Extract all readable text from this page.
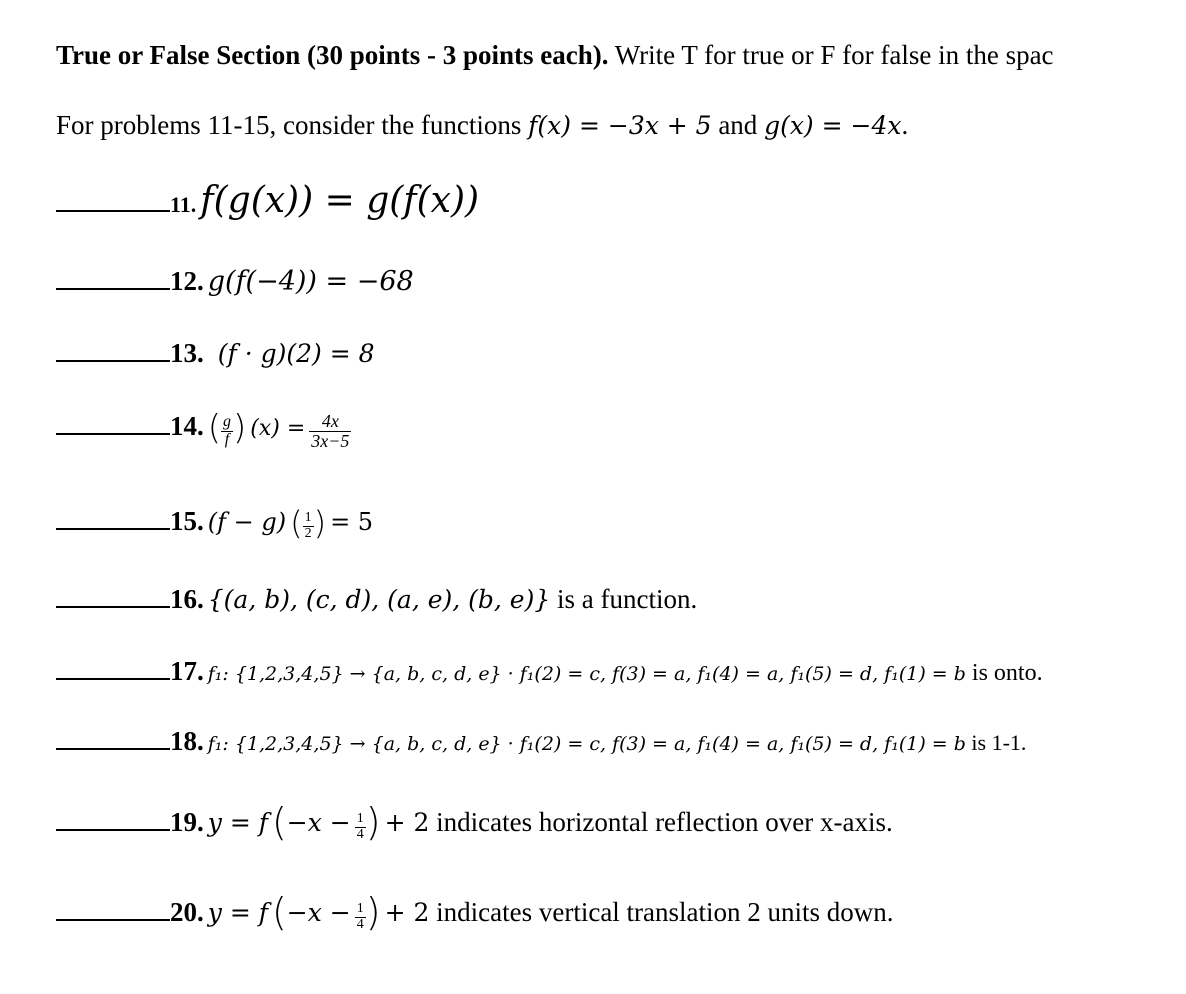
True or False Section (30 points - 3 points each). Write T for true or F for false in the spac
For problems 11-15, consider the functions f(x) = −3x + 5 and g(x) = −4x.
11. f(g(x)) = g(f(x))
12. g(f(−4)) = −68
13. (f · g)(2) = 8
14. ( $\frac{g}{f}$ ) $(x) = \frac{4x}{3x-5}$
15. (f − g) ( $\frac{1}{2}$ ) = 5
16. {(a, b), (c, d), (a, e), (b, e)} is a function.
17. f₁: {1,2,3,4,5} → {a, b, c, d, e} · f₁(2) = c, f(3) = a, f₁(4) = a, f₁(5) = d, f₁(1) = b is onto.
18. f₁: {1,2,3,4,5} → {a, b, c, d, e} · f₁(2) = c, f(3) = a, f₁(4) = a, f₁(5) = d, f₁(1) = b is 1-1.
19. y = f ($-x - \frac{1}{4}$ ) + 2 indicates horizontal reflection over x-axis.
20. y = f ($-x - \frac{1}{4}$ ) + 2 indicates vertical translation 2 units down.
